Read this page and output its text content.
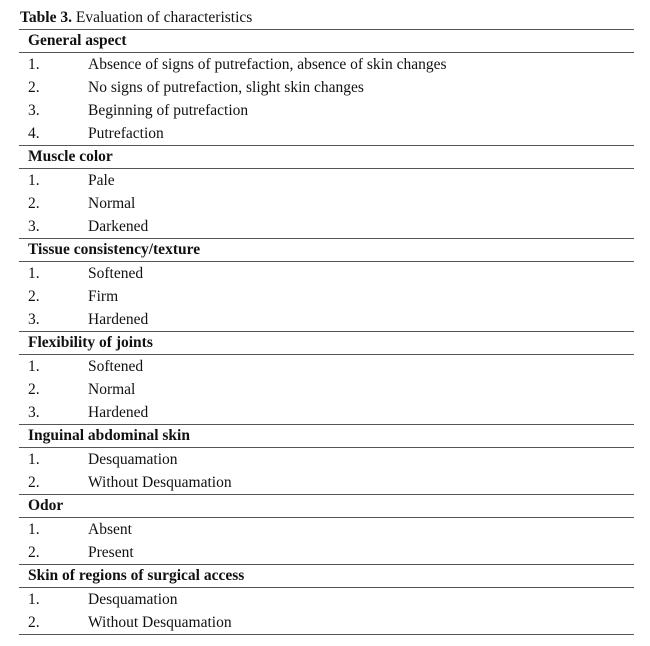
Table 3. Evaluation of characteristics
General aspect
1.	Absence of signs of putrefaction, absence of skin changes
2.	No signs of putrefaction, slight skin changes
3.	Beginning of putrefaction
4.	Putrefaction
Muscle color
1.	Pale
2.	Normal
3.	Darkened
Tissue consistency/texture
1.	Softened
2.	Firm
3.	Hardened
Flexibility of joints
1.	Softened
2.	Normal
3.	Hardened
Inguinal abdominal skin
1.	Desquamation
2.	Without Desquamation
Odor
1.	Absent
2.	Present
Skin of regions of surgical access
1.	Desquamation
2.	Without Desquamation
